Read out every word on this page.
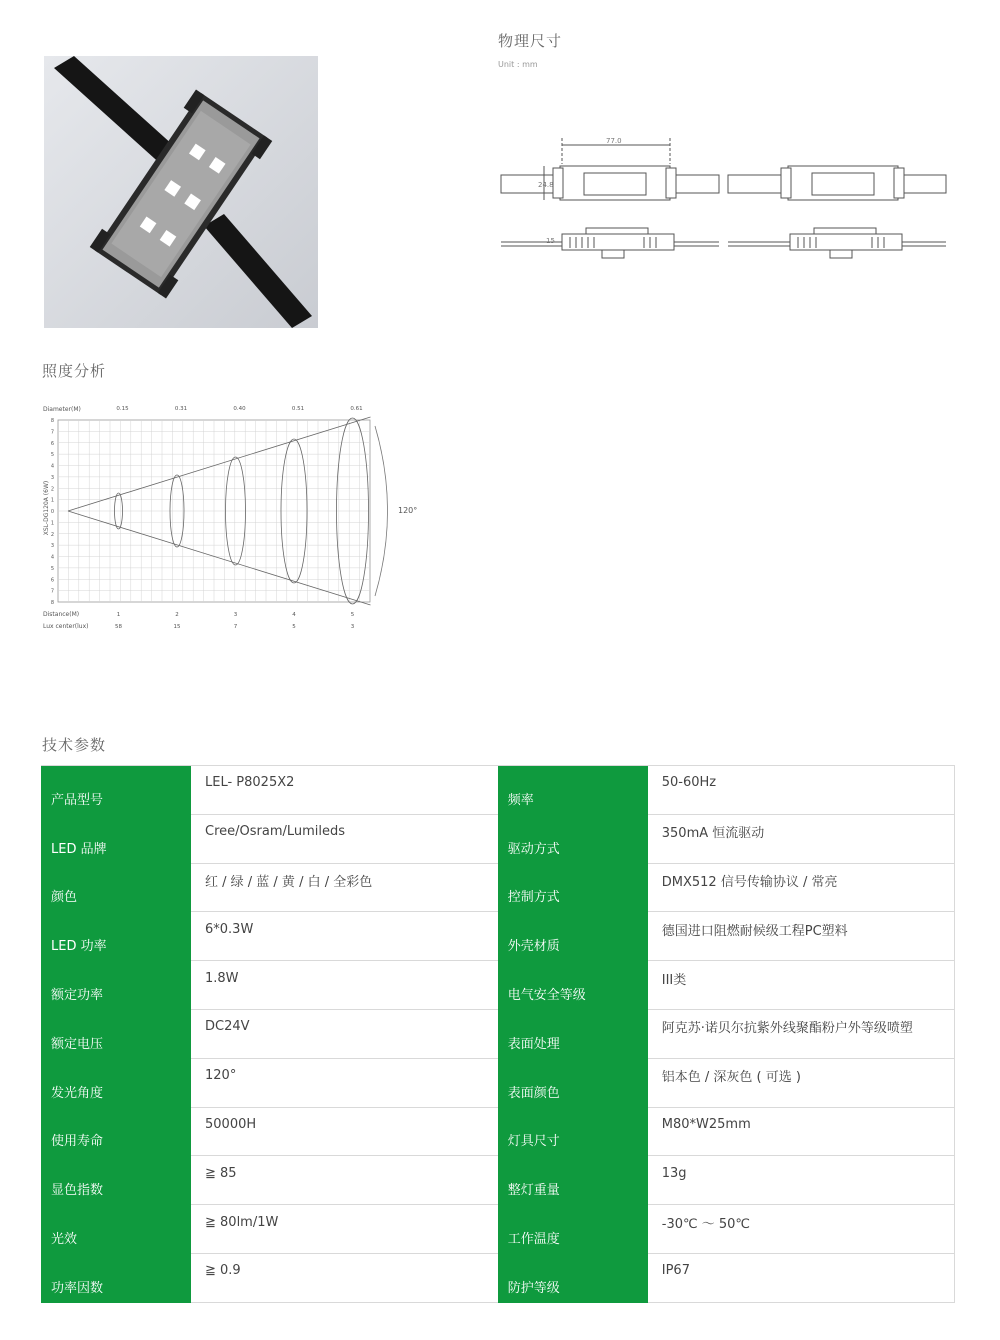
物理尺寸
Unit : mm
77.0
24.8
15
照度分析
Diameter(M)
Distance(M)
Lux center(lux)
XSL-DG120A (6W)	120°
8
7
6
5
4
3
2
1
0
1
2
3
4
5
6
7
8
1
58
0.15
2
15
0.31
3
7
0.40
4
5
0.51
5
3
0.61
技术参数
产品型号	LEL- P8025X2	频率	50-60Hz
LED 品牌	Cree/Osram/Lumileds	驱动方式	350mA 恒流驱动
颜色	红 / 绿 / 蓝 / 黄 / 白 / 全彩色	控制方式	DMX512 信号传输协议 / 常亮
LED 功率	6*0.3W	外壳材质	德国进口阻燃耐候级工程PC塑料
额定功率	1.8W	电气安全等级	III类
额定电压	DC24V	表面处理	阿克苏·诺贝尔抗紫外线聚酯粉户外等级喷塑
发光角度	120°	表面颜色	铝本色 / 深灰色 ( 可选 )
使用寿命	50000H	灯具尺寸	M80*W25mm
显色指数	≧ 85	整灯重量	13g
光效	≧ 80lm/1W	工作温度	-30℃ ～ 50℃
功率因数	≧ 0.9	防护等级	IP67
